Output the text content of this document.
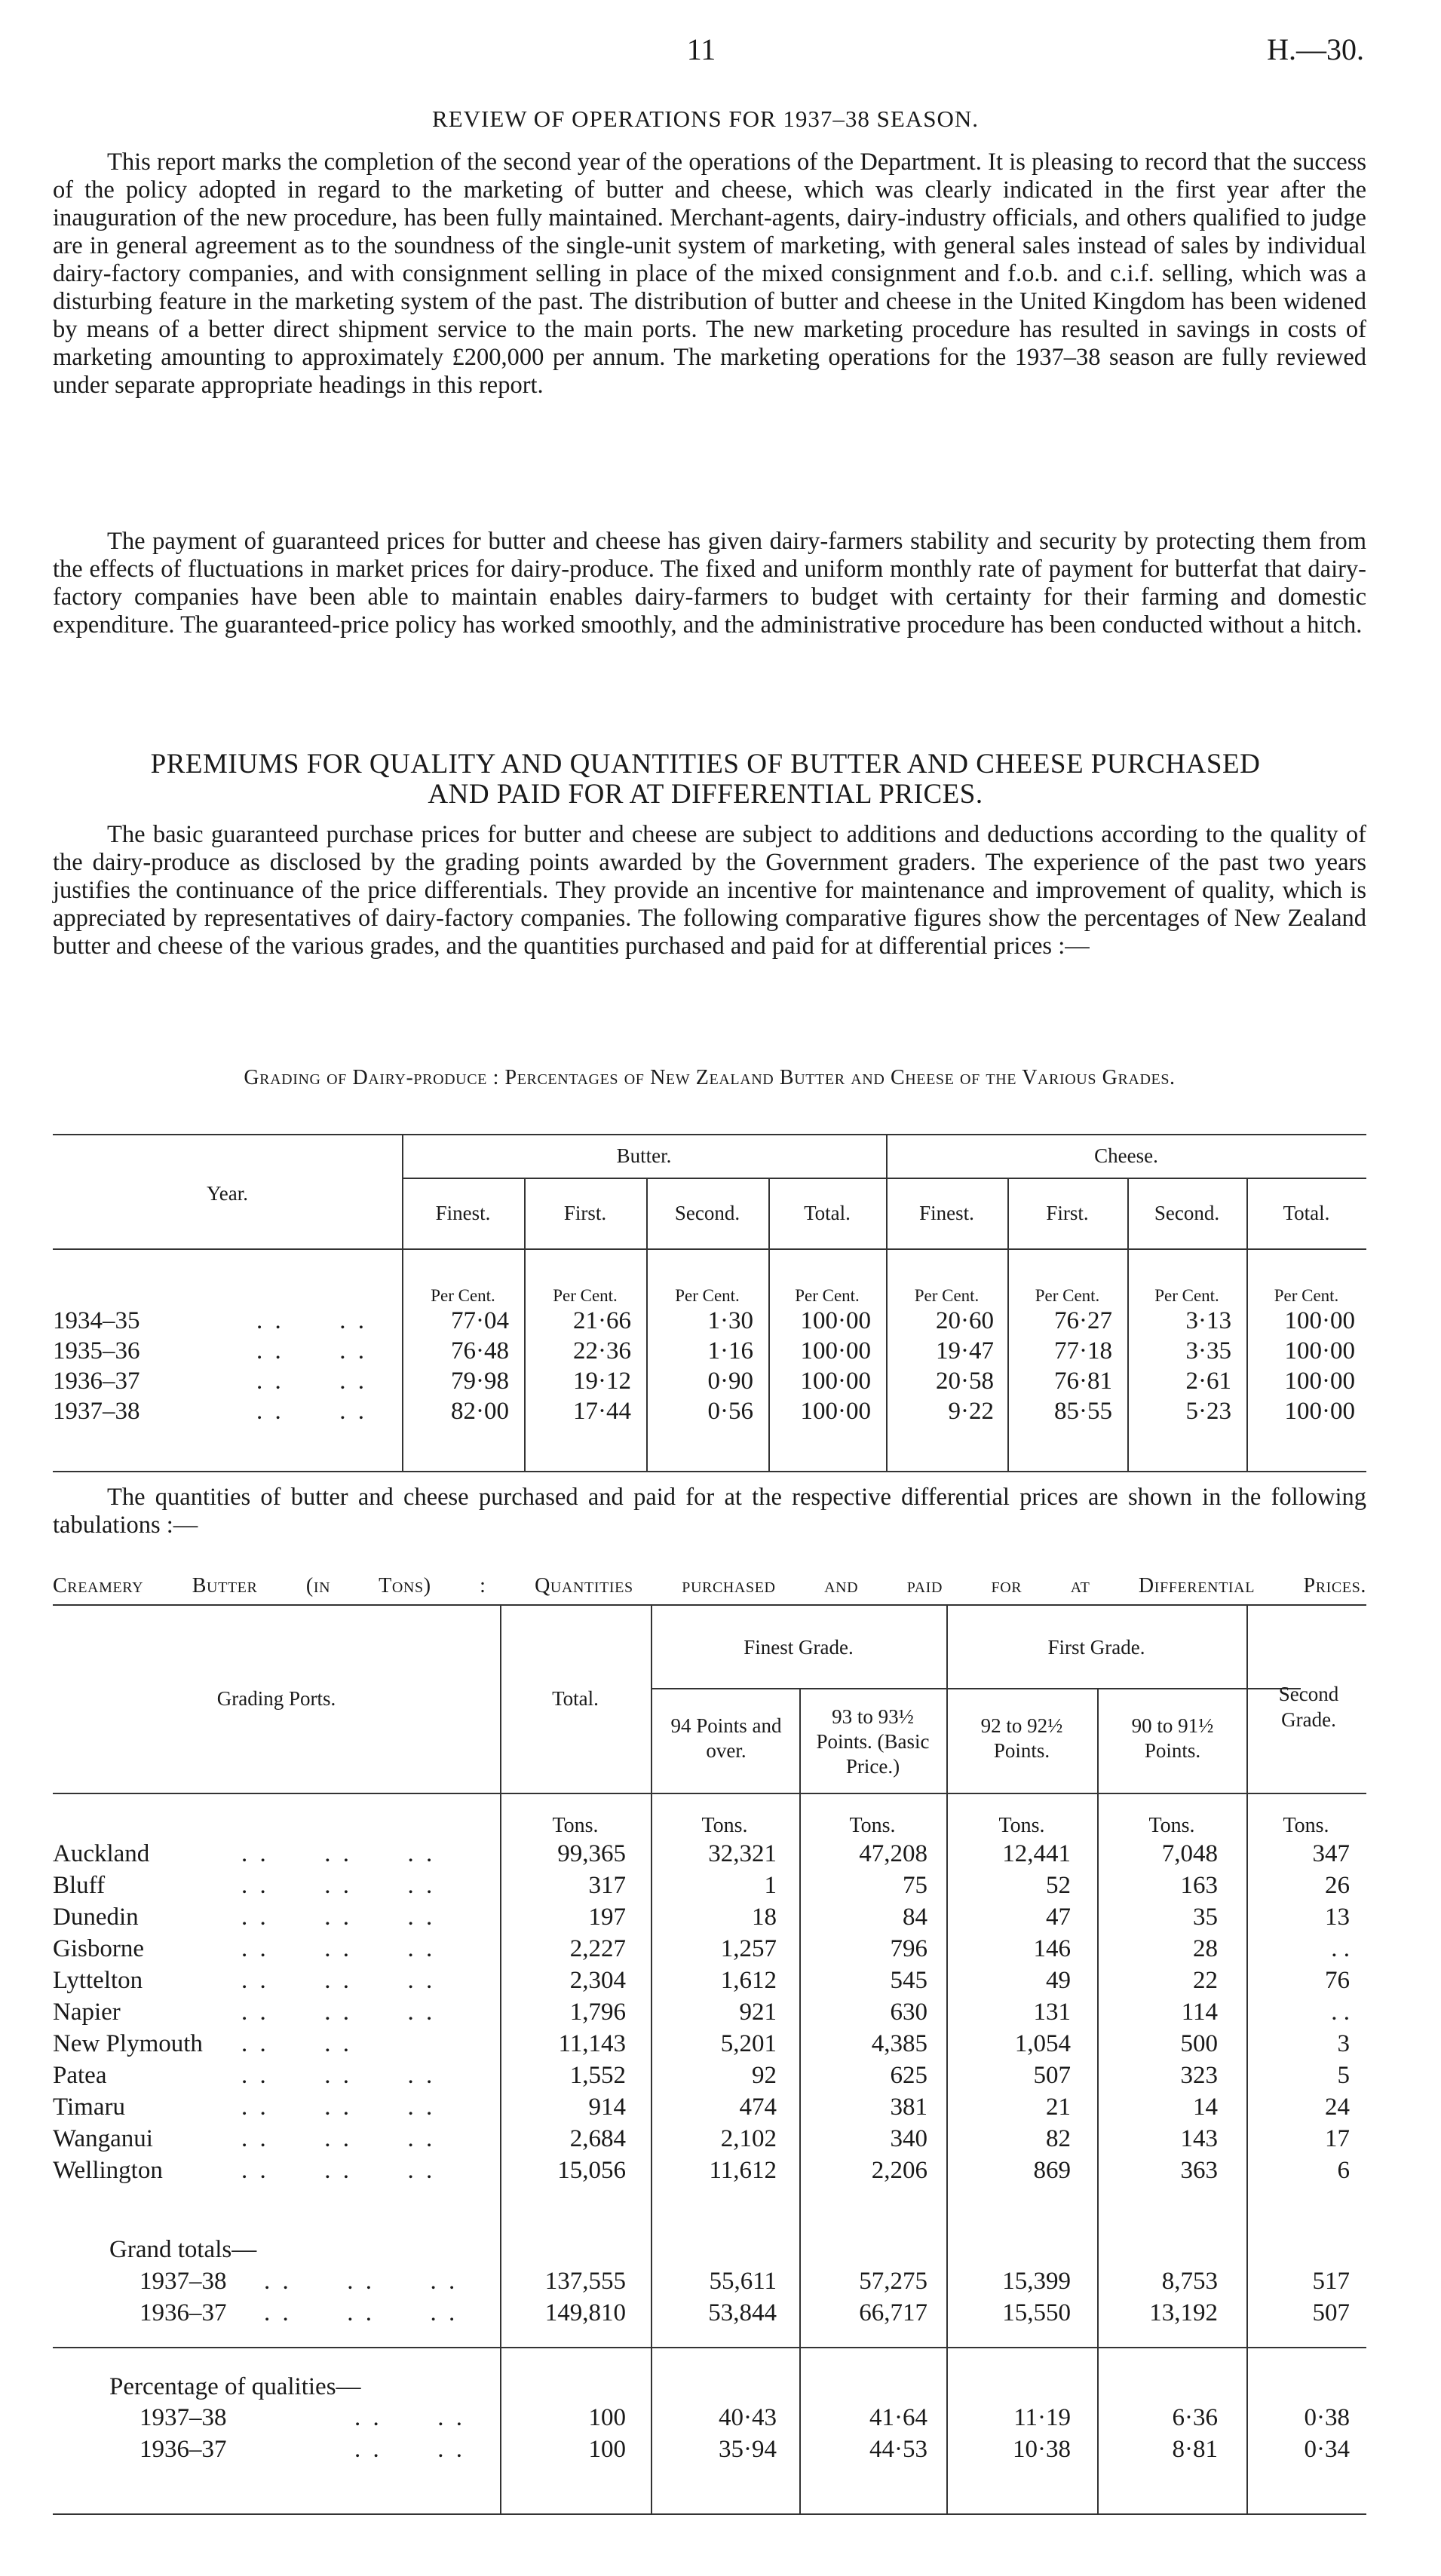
11	H.—30.
REVIEW OF OPERATIONS FOR 1937–38 SEASON.

This report marks the completion of the second year of the operations of the Department. It is pleasing to record that the success of the policy adopted in regard to the marketing of butter and cheese, which was clearly indicated in the first year after the inauguration of the new procedure, has been fully maintained. Merchant-agents, dairy-industry officials, and others qualified to judge are in general agreement as to the soundness of the single-unit system of marketing, with general sales instead of sales by individual dairy-factory companies, and with consignment selling in place of the mixed consignment and f.o.b. and c.i.f. selling, which was a disturbing feature in the marketing system of the past. The distribution of butter and cheese in the United Kingdom has been widened by means of a better direct shipment service to the main ports. The new marketing procedure has resulted in savings in costs of marketing amounting to approximately £200,000 per annum. The marketing operations for the 1937–38 season are fully reviewed under separate appropriate headings in this report.

The payment of guaranteed prices for butter and cheese has given dairy-farmers stability and security by protecting them from the effects of fluctuations in market prices for dairy-produce. The fixed and uniform monthly rate of payment for butterfat that dairy-factory companies have been able to maintain enables dairy-farmers to budget with certainty for their farming and domestic expenditure. The guaranteed-price policy has worked smoothly, and the administrative procedure has been conducted without a hitch.

PREMIUMS FOR QUALITY AND QUANTITIES OF BUTTER AND CHEESE PURCHASED
AND PAID FOR AT DIFFERENTIAL PRICES.

The basic guaranteed purchase prices for butter and cheese are subject to additions and deductions according to the quality of the dairy-produce as disclosed by the grading points awarded by the Government graders. The experience of the past two years justifies the continuance of the price differentials. They provide an incentive for maintenance and improvement of quality, which is appreciated by representatives of dairy-factory companies. The following comparative figures show the percentages of New Zealand butter and cheese of the various grades, and the quantities purchased and paid for at differential prices :—

Grading of Dairy-produce : Percentages of New Zealand Butter and Cheese of the Various Grades.
Year.
Butter.	Cheese.
Finest.	First.	Second.	Total.	Finest.	First.	Second.	Total.
Per Cent.	Per Cent.	Per Cent.	Per Cent.	Per Cent.	Per Cent.	Per Cent.	Per Cent.
1934–35	. .      . .	77·04	21·66	1·30	100·00	20·60	76·27	3·13	100·00
1935–36	. .      . .	76·48	22·36	1·16	100·00	19·47	77·18	3·35	100·00
1936–37	. .      . .	79·98	19·12	0·90	100·00	20·58	76·81	2·61	100·00
1937–38	. .      . .	82·00	17·44	0·56	100·00	9·22	85·55	5·23	100·00

The quantities of butter and cheese purchased and paid for at the respective differential prices are shown in the following tabulations :—

Creamery Butter (in Tons) : Quantities purchased and paid for at Differential Prices.
Grading Ports.	Total.
Finest Grade.	First Grade.
Second Grade.
94 Points and over.
93 to 93½ Points. (Basic Price.)
92 to 92½ Points.
90 to 91½ Points.
Tons.	Tons.	Tons.	Tons.	Tons.	Tons.
Auckland	. .      . .      . .	99,365	32,321	47,208	12,441	7,048	347
Bluff	. .      . .      . .	317	1	75	52	163	26
Dunedin	. .      . .      . .	197	18	84	47	35	13
Gisborne	. .      . .      . .	2,227	1,257	796	146	28	. .
Lyttelton	. .      . .      . .	2,304	1,612	545	49	22	76
Napier	. .      . .      . .	1,796	921	630	131	114	. .
New Plymouth . .      . .	11,143	5,201	4,385	1,054	500	3
Patea	. .      . .      . .	1,552	92	625	507	323	5
Timaru	. .      . .      . .	914	474	381	21	14	24
Wanganui	. .      . .      . .	2,684	2,102	340	82	143	17
Wellington	. .      . .      . .	15,056	11,612	2,206	869	363	6
Grand totals—
1937–38 . .      . .      . .	137,555	55,611	57,275	15,399	8,753	517
1936–37 . .      . .      . .	149,810	53,844	66,717	15,550	13,192	507
Percentage of qualities—
1937–38	. .      . .	100	40·43	41·64	11·19	6·36	0·38
1936–37	. .      . .	100	35·94	44·53	10·38	8·81	0·34
